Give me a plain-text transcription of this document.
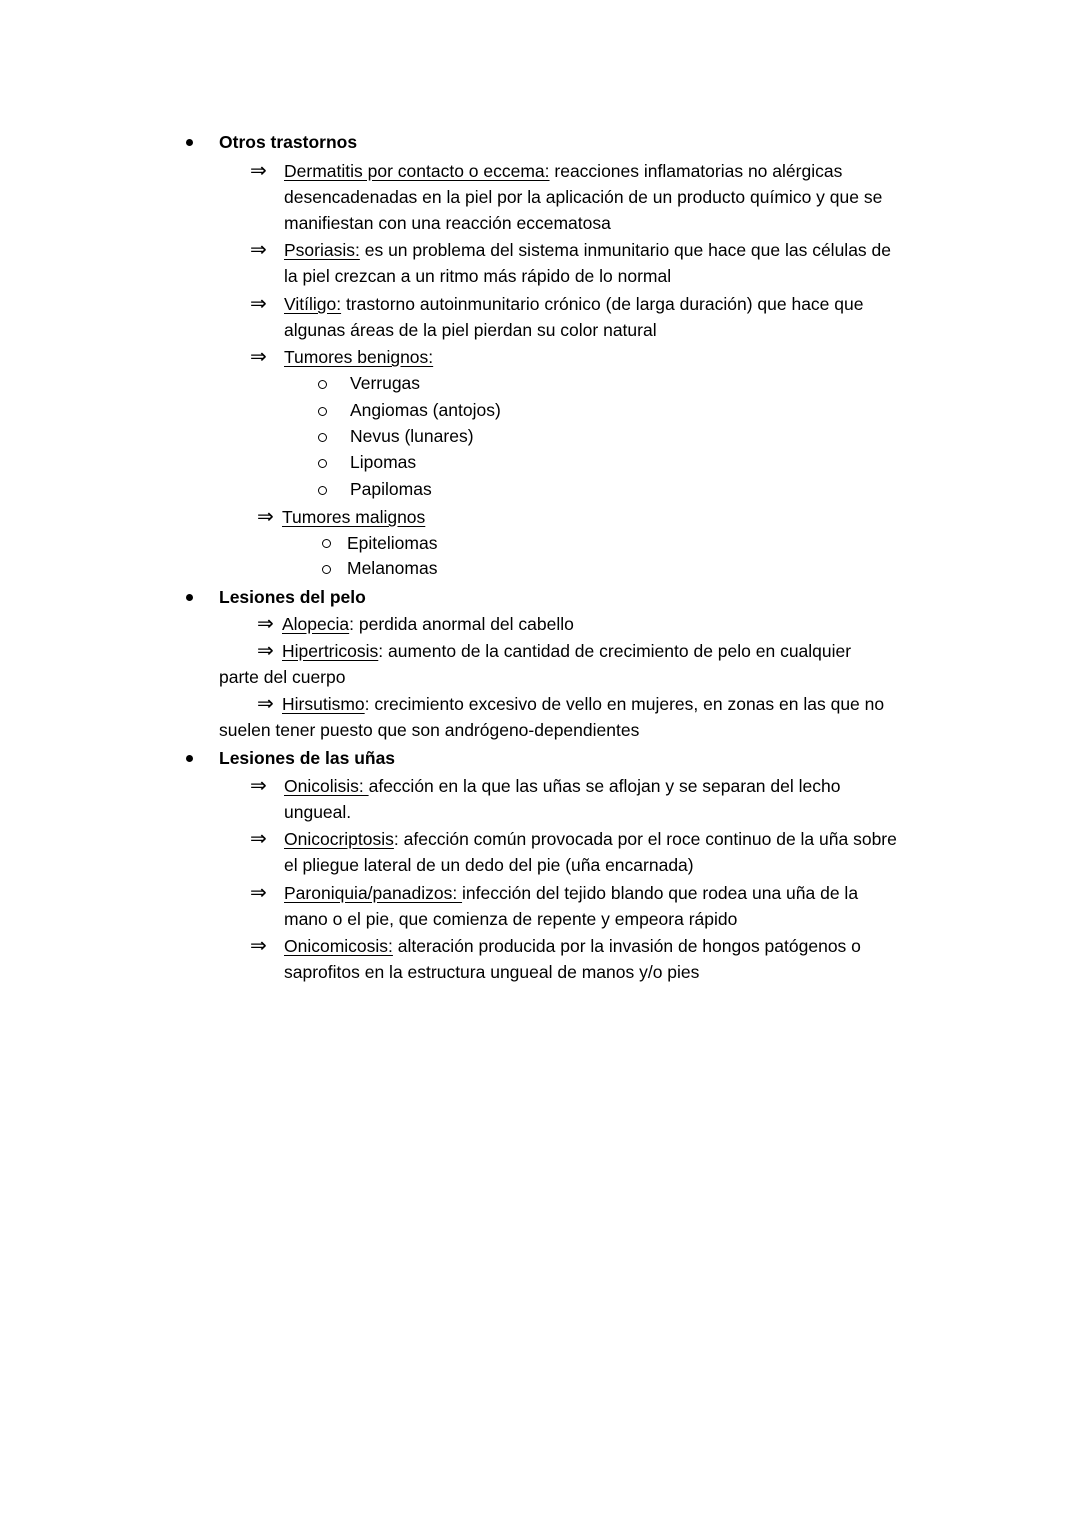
Otros trastornos
⇒ Dermatitis por contacto o eccema: reacciones inflamatorias no alérgicas
desencadenadas en la piel por la aplicación de un producto químico y que se
manifiestan con una reacción eccematosa
⇒ Psoriasis: es un problema del sistema inmunitario que hace que las células de
la piel crezcan a un ritmo más rápido de lo normal
⇒ Vitíligo: trastorno autoinmunitario crónico (de larga duración) que hace que
algunas áreas de la piel pierdan su color natural
⇒ Tumores benignos:
Verrugas
Angiomas (antojos)
Nevus (lunares)
Lipomas
Papilomas
⇒ Tumores malignos
Epiteliomas
Melanomas
Lesiones del pelo
⇒ Alopecia: perdida anormal del cabello
⇒ Hipertricosis: aumento de la cantidad de crecimiento de pelo en cualquier
parte del cuerpo
⇒ Hirsutismo: crecimiento excesivo de vello en mujeres, en zonas en las que no
suelen tener puesto que son andrógeno-dependientes
Lesiones de las uñas
⇒ Onicolisis: afección en la que las uñas se aflojan y se separan del lecho
ungueal.
⇒ Onicocriptosis: afección común provocada por el roce continuo de la uña sobre
el pliegue lateral de un dedo del pie (uña encarnada)
⇒ Paroniquia/panadizos: infección del tejido blando que rodea una uña de la
mano o el pie, que comienza de repente y empeora rápido
⇒ Onicomicosis: alteración producida por la invasión de hongos patógenos o
saprofitos en la estructura ungueal de manos y/o pies
